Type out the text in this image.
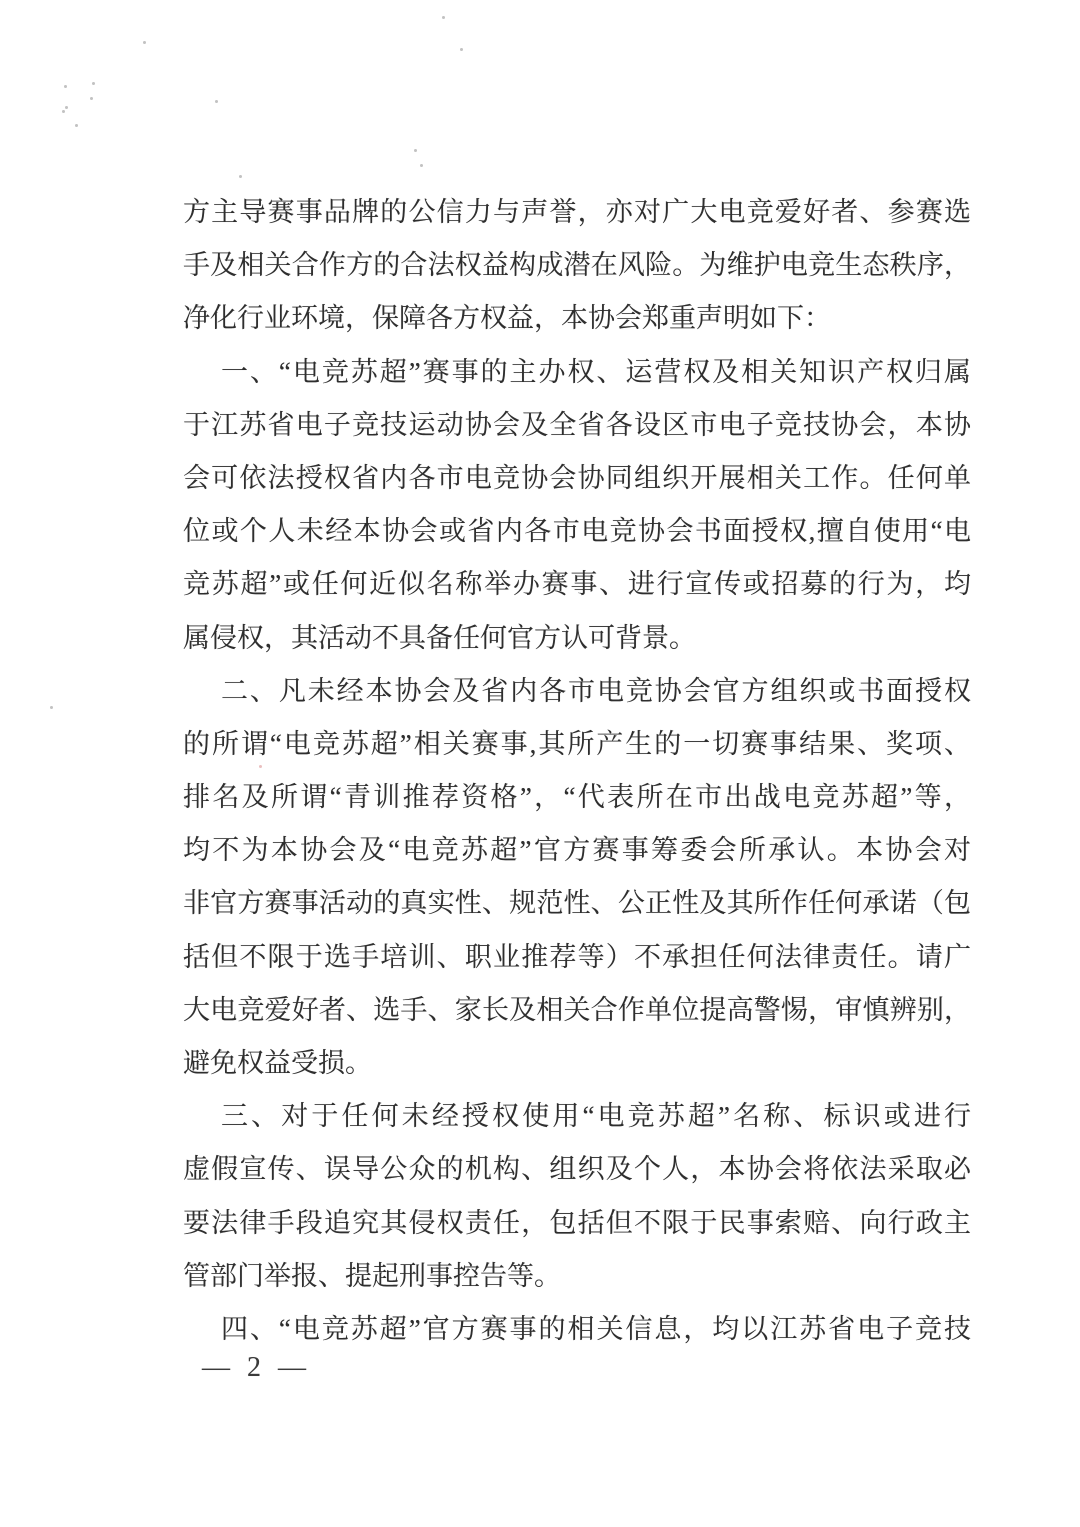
方主导赛事品牌的公信力与声誉，亦对广大电竞爱好者、参赛选
手及相关合作方的合法权益构成潜在风险。为维护电竞生态秩序，
净化行业环境，保障各方权益，本协会郑重声明如下：
一、“电竞苏超”赛事的主办权、运营权及相关知识产权归属
于江苏省电子竞技运动协会及全省各设区市电子竞技协会，本协
会可依法授权省内各市电竞协会协同组织开展相关工作。任何单
位或个人未经本协会或省内各市电竞协会书面授权,擅自使用“电
竞苏超”或任何近似名称举办赛事、进行宣传或招募的行为，均
属侵权，其活动不具备任何官方认可背景。
二、凡未经本协会及省内各市电竞协会官方组织或书面授权
的所谓“电竞苏超”相关赛事,其所产生的一切赛事结果、奖项、
排名及所谓“青训推荐资格”，“代表所在市出战电竞苏超”等，
均不为本协会及“电竞苏超”官方赛事筹委会所承认。本协会对
非官方赛事活动的真实性、规范性、公正性及其所作任何承诺（包
括但不限于选手培训、职业推荐等）不承担任何法律责任。请广
大电竞爱好者、选手、家长及相关合作单位提高警惕，审慎辨别，
避免权益受损。
三、对于任何未经授权使用“电竞苏超”名称、标识或进行
虚假宣传、误导公众的机构、组织及个人，本协会将依法采取必
要法律手段追究其侵权责任，包括但不限于民事索赔、向行政主
管部门举报、提起刑事控告等。
四、“电竞苏超”官方赛事的相关信息，均以江苏省电子竞技
— 2 —
